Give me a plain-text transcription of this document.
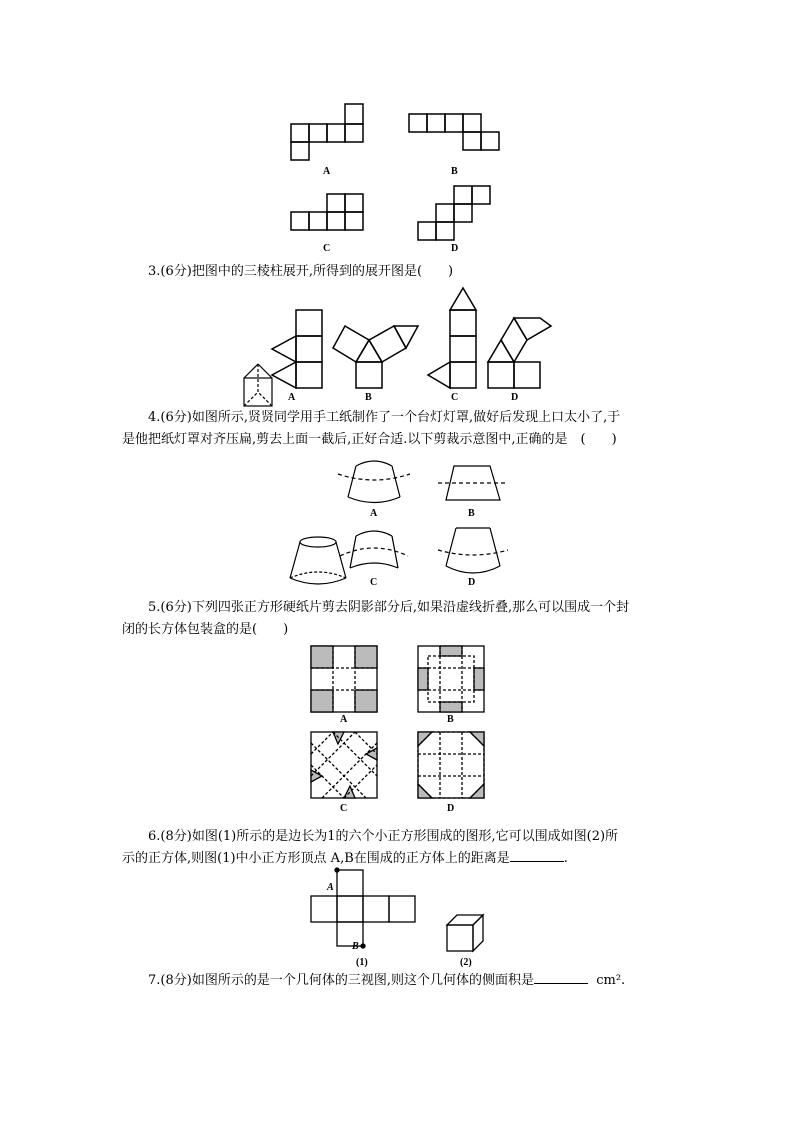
A	B
C	D
A	B	C	D
A	B
C	D
A	B
C	D
A
B
(1)	(2)
3.(6分)把图中的三棱柱展开,所得到的展开图是(　　)
4.(6分)如图所示,贤贤同学用手工纸制作了一个台灯灯罩,做好后发现上口太小了,于
是他把纸灯罩对齐压扁,剪去上面一截后,正好合适.以下剪裁示意图中,正确的是　(　　)
5.(6分)下列四张正方形硬纸片剪去阴影部分后,如果沿虚线折叠,那么可以围成一个封
闭的长方体包装盒的是(　　)
6.(8分)如图(1)所示的是边长为1的六个小正方形围成的图形,它可以围成如图(2)所
示的正方体,则图(1)中小正方形顶点 A,B在围成的正方体上的距离是	.
7.(8分)如图所示的是一个几何体的三视图,则这个几何体的侧面积是	cm².
